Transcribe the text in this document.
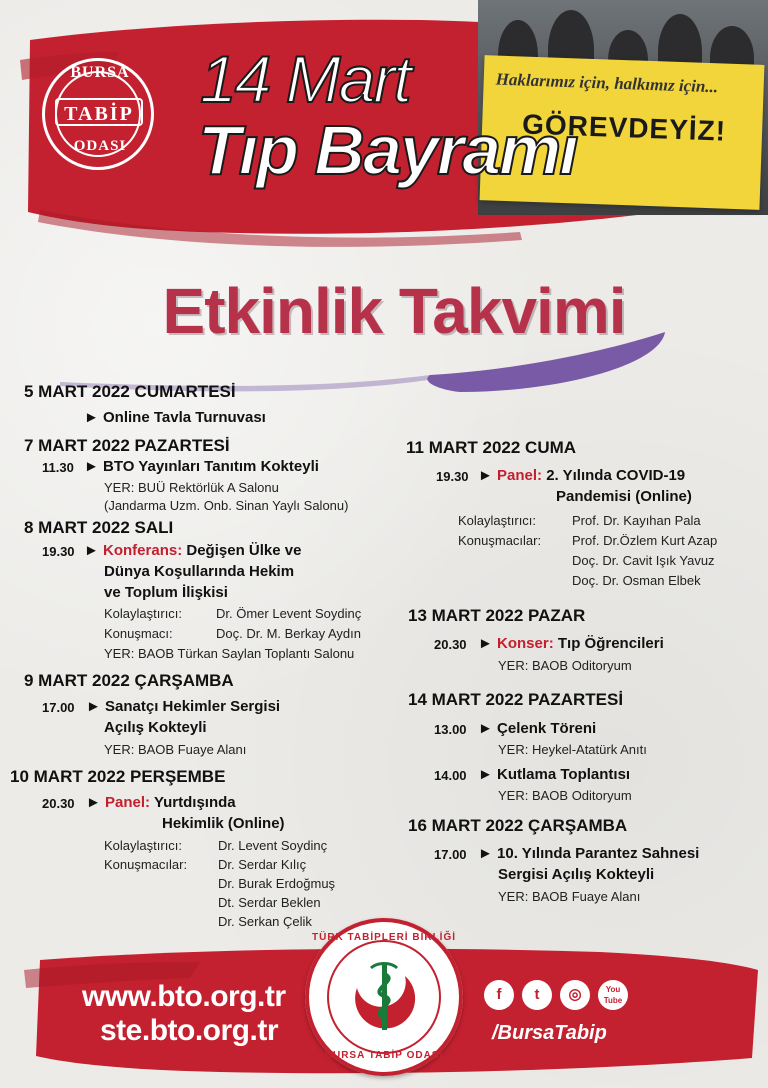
Haklarımız için, halkımız için...
GÖREVDEYİZ!
BURSA
TABİP
ODASI
14 Mart
Tıp Bayramı
Etkinlik Takvimi
5 MART 2022 CUMARTESİ
► Online Tavla Turnuvası
7 MART 2022 PAZARTESİ
11.30 ► BTO Yayınları Tanıtım Kokteyli
YER: BUÜ Rektörlük A Salonu
(Jandarma Uzm. Onb. Sinan Yaylı Salonu)
8 MART 2022 SALI
19.30 ► Konferans: Değişen Ülke ve
Dünya Koşullarında Hekim
ve Toplum İlişkisi
Kolaylaştırıcı:	Dr. Ömer Levent Soydinç
Konuşmacı:	Doç. Dr. M. Berkay Aydın
YER: BAOB Türkan Saylan Toplantı Salonu
9 MART 2022 ÇARŞAMBA
17.00 ► Sanatçı Hekimler Sergisi
Açılış Kokteyli
YER: BAOB Fuaye Alanı
10 MART 2022 PERŞEMBE
20.30 ► Panel: Yurtdışında
Hekimlik (Online)
Kolaylaştırıcı:	Dr. Levent Soydinç
Konuşmacılar: Dr. Serdar Kılıç
Dr. Burak Erdoğmuş
Dt. Serdar Beklen
Dr. Serkan Çelik
11 MART 2022 CUMA
19.30 ► Panel: 2. Yılında COVID-19
Pandemisi (Online)
Kolaylaştırıcı:	Prof. Dr. Kayıhan Pala
Konuşmacılar: Prof. Dr.Özlem Kurt Azap
Doç. Dr. Cavit Işık Yavuz
Doç. Dr. Osman Elbek
13 MART 2022 PAZAR
20.30 ► Konser: Tıp Öğrencileri
YER: BAOB Oditoryum
14 MART 2022 PAZARTESİ
13.00 ► Çelenk Töreni
YER: Heykel-Atatürk Anıtı
14.00 ► Kutlama Toplantısı
YER: BAOB Oditoryum
16 MART 2022 ÇARŞAMBA
17.00 ► 10. Yılında Parantez Sahnesi
Sergisi Açılış Kokteyli
YER: BAOB Fuaye Alanı
www.bto.org.tr
ste.bto.org.tr
TÜRK TABİPLERİ BİRLİĞİ
BURSA TABİP ODASI
f	t	◎	You Tube
/BursaTabip
